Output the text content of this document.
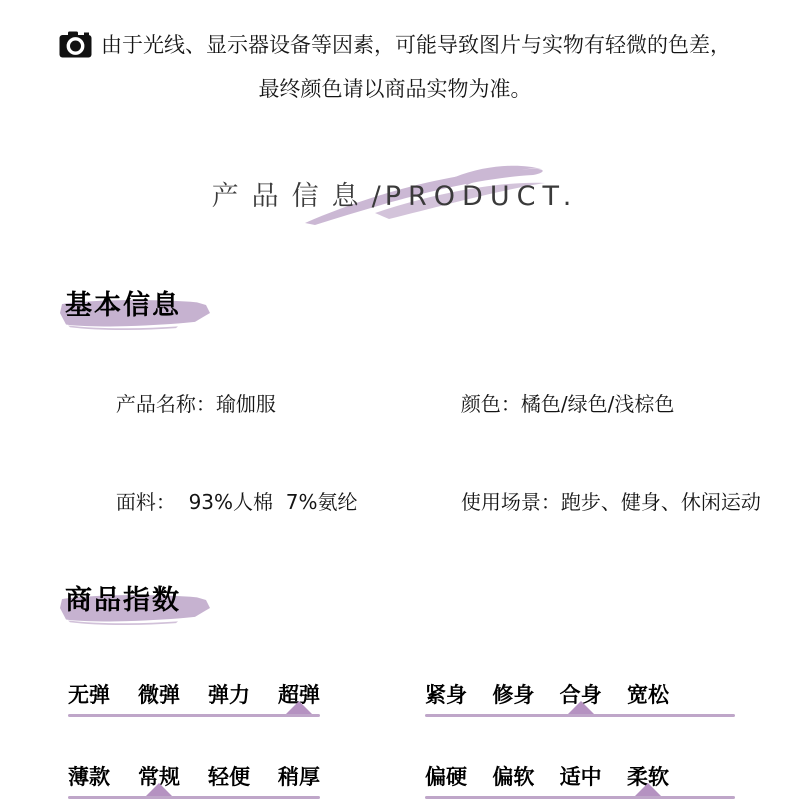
由于光线、显示器设备等因素，可能导致图片与实物有轻微的色差，

最终颜色请以商品实物为准。

产品信息/PRODUCT.
基本信息

产品名称：瑜伽服
	颜色：橘色/绿色/浅棕色

面料：  93%人棉  7%氨纶
	使用场景：跑步、健身、休闲运动

商品指数
无弹 微弹 弹力 超弹	紧身 修身 合身 宽松
薄款 常规 轻便 稍厚	偏硬 偏软 适中 柔软
